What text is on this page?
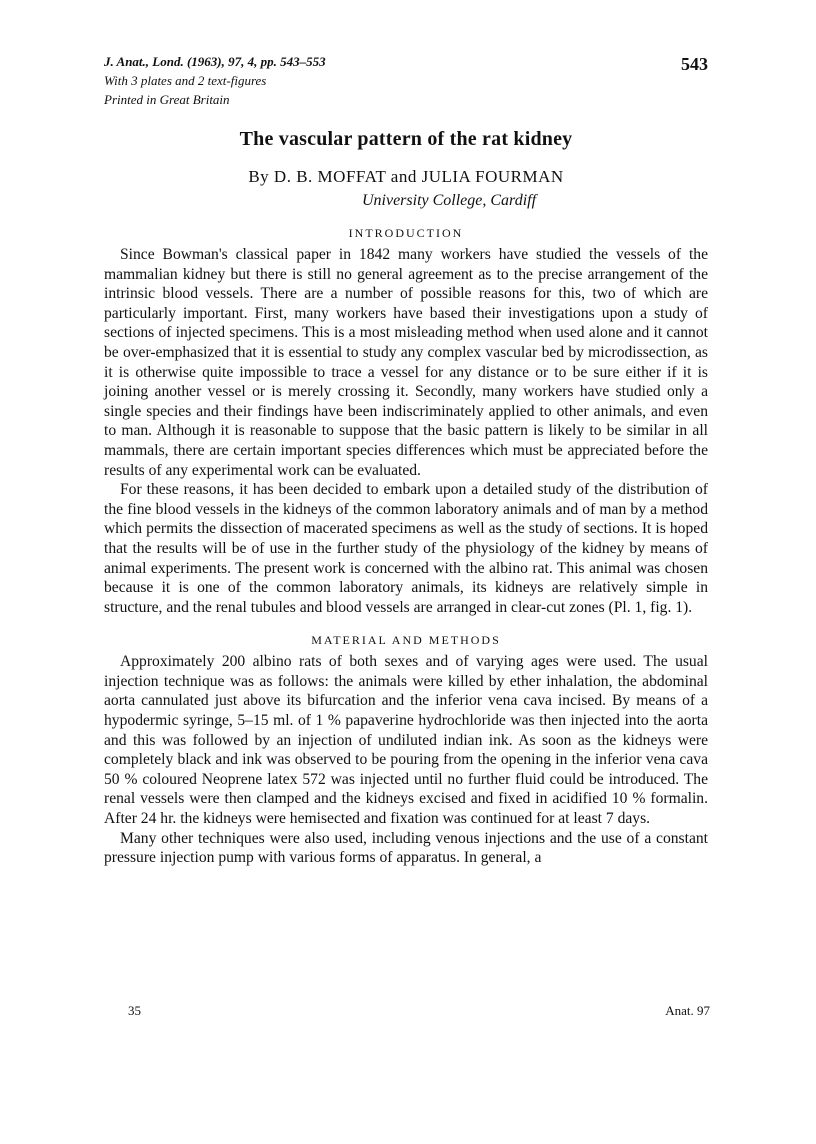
J. Anat., Lond. (1963), 97, 4, pp. 543–553
With 3 plates and 2 text-figures
Printed in Great Britain
543
The vascular pattern of the rat kidney
By D. B. MOFFAT and JULIA FOURMAN
University College, Cardiff
INTRODUCTION

Since Bowman's classical paper in 1842 many workers have studied the vessels of the mammalian kidney but there is still no general agreement as to the precise arrangement of the intrinsic blood vessels. There are a number of possible reasons for this, two of which are particularly important. First, many workers have based their investigations upon a study of sections of injected specimens. This is a most misleading method when used alone and it cannot be over-emphasized that it is essential to study any complex vascular bed by microdissection, as it is otherwise quite impossible to trace a vessel for any distance or to be sure either if it is joining another vessel or is merely crossing it. Secondly, many workers have studied only a single species and their findings have been indiscriminately applied to other animals, and even to man. Although it is reasonable to suppose that the basic pattern is likely to be similar in all mammals, there are certain important species differences which must be appreciated before the results of any experimental work can be evaluated.

For these reasons, it has been decided to embark upon a detailed study of the distribution of the fine blood vessels in the kidneys of the common laboratory animals and of man by a method which permits the dissection of macerated specimens as well as the study of sections. It is hoped that the results will be of use in the further study of the physiology of the kidney by means of animal experiments. The present work is concerned with the albino rat. This animal was chosen because it is one of the common laboratory animals, its kidneys are relatively simple in structure, and the renal tubules and blood vessels are arranged in clear-cut zones (Pl. 1, fig. 1).

MATERIAL AND METHODS

Approximately 200 albino rats of both sexes and of varying ages were used. The usual injection technique was as follows: the animals were killed by ether inhalation, the abdominal aorta cannulated just above its bifurcation and the inferior vena cava incised. By means of a hypodermic syringe, 5–15 ml. of 1 % papaverine hydrochloride was then injected into the aorta and this was followed by an injection of undiluted indian ink. As soon as the kidneys were completely black and ink was observed to be pouring from the opening in the inferior vena cava 50 % coloured Neoprene latex 572 was injected until no further fluid could be introduced. The renal vessels were then clamped and the kidneys excised and fixed in acidified 10 % formalin. After 24 hr. the kidneys were hemisected and fixation was continued for at least 7 days.

Many other techniques were also used, including venous injections and the use of a constant pressure injection pump with various forms of apparatus. In general, a

35	Anat. 97
